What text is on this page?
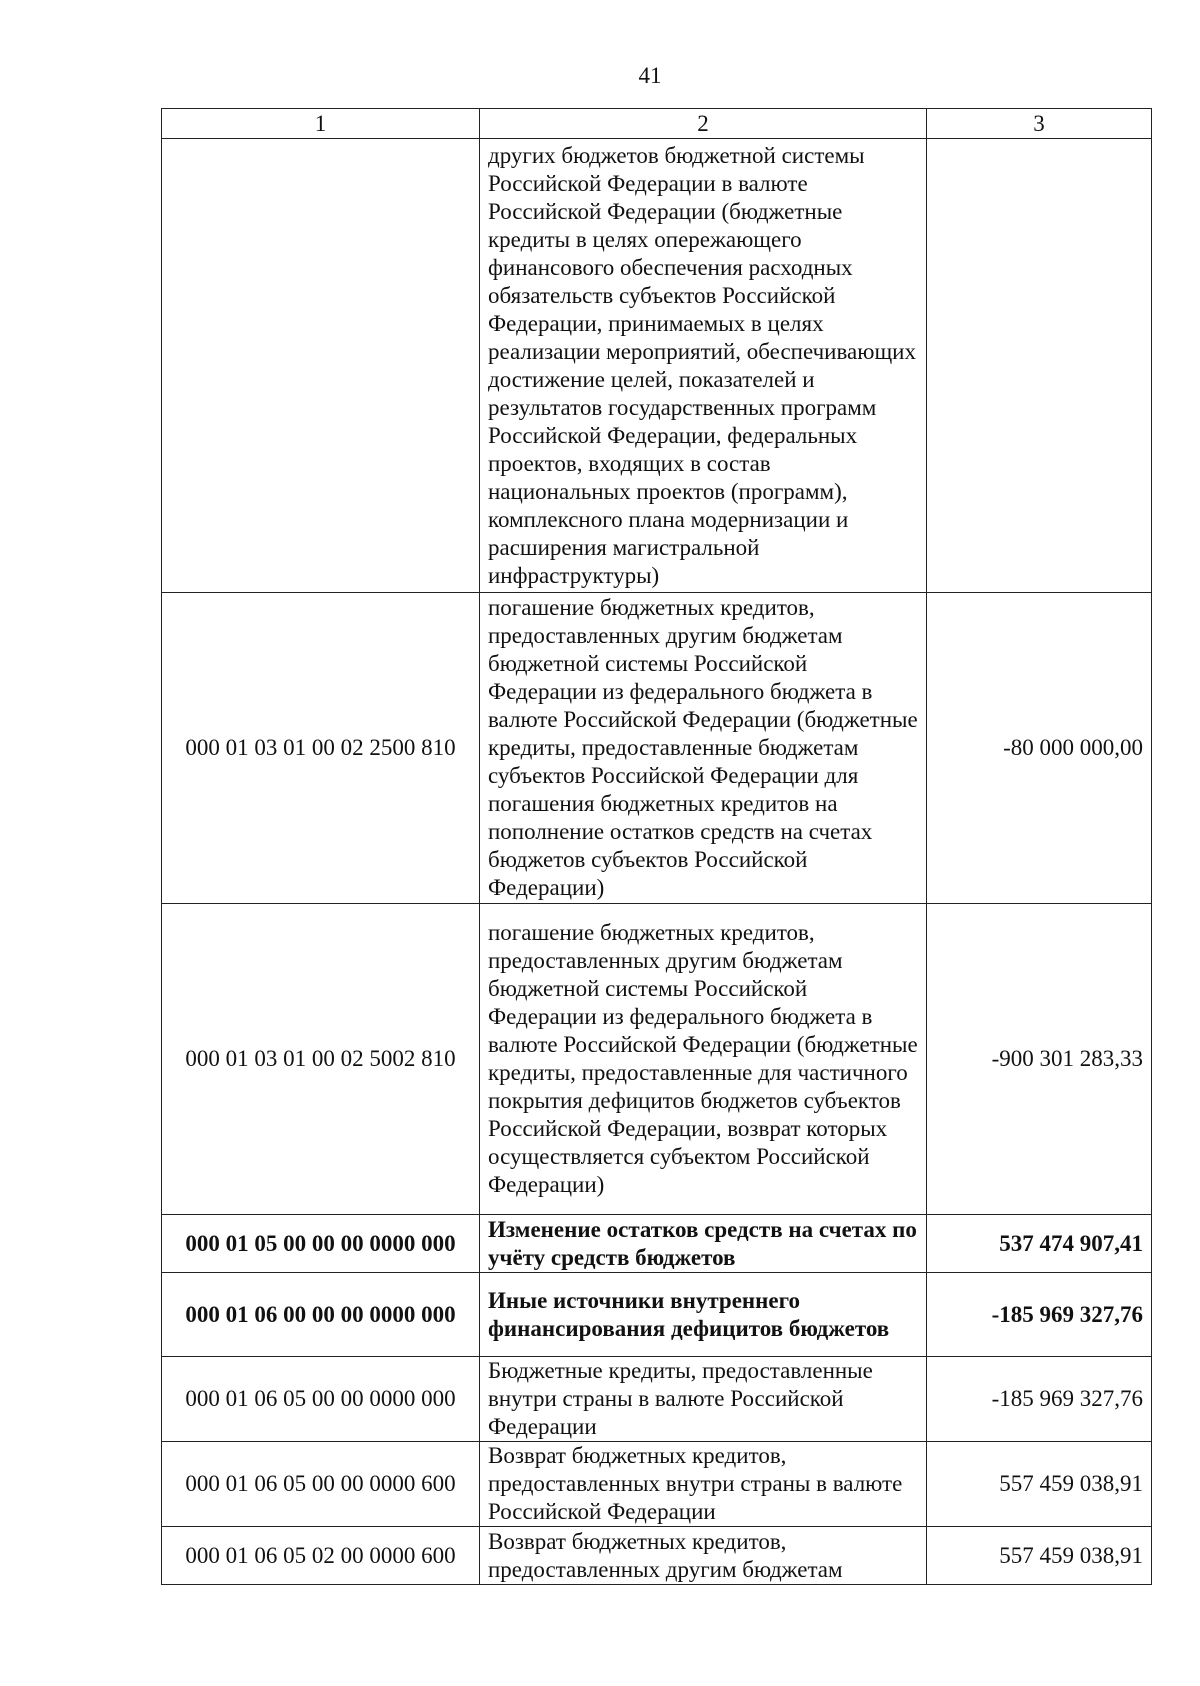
41
1	2	3
	других бюджетов бюджетной системы Российской Федерации в валюте Российской Федерации (бюджетные кредиты в целях опережающего финансового обеспечения расходных обязательств субъектов Российской Федерации, принимаемых в целях реализации мероприятий, обеспечивающих достижение целей, показателей и результатов государственных программ Российской Федерации, федеральных проектов, входящих в состав национальных проектов (программ), комплексного плана модернизации и расширения магистральной инфраструктуры)	
000 01 03 01 00 02 2500 810	погашение бюджетных кредитов, предоставленных другим бюджетам бюджетной системы Российской Федерации из федерального бюджета в валюте Российской Федерации (бюджетные кредиты, предоставленные бюджетам субъектов Российской Федерации для погашения бюджетных кредитов на пополнение остатков средств на счетах бюджетов субъектов Российской Федерации)	-80 000 000,00
000 01 03 01 00 02 5002 810	погашение бюджетных кредитов, предоставленных другим бюджетам бюджетной системы Российской Федерации из федерального бюджета в валюте Российской Федерации (бюджетные кредиты, предоставленные для частичного покрытия дефицитов бюджетов субъектов Российской Федерации, возврат которых осуществляется субъектом Российской Федерации)	-900 301 283,33
000 01 05 00 00 00 0000 000	Изменение остатков средств на счетах по учёту средств бюджетов	537 474 907,41
000 01 06 00 00 00 0000 000	Иные источники внутреннего финансирования дефицитов бюджетов	-185 969 327,76
000 01 06 05 00 00 0000 000	Бюджетные кредиты, предоставленные внутри страны в валюте Российской Федерации	-185 969 327,76
000 01 06 05 00 00 0000 600	Возврат бюджетных кредитов, предоставленных внутри страны в валюте Российской Федерации	557 459 038,91
000 01 06 05 02 00 0000 600	Возврат бюджетных кредитов, предоставленных другим бюджетам	557 459 038,91
